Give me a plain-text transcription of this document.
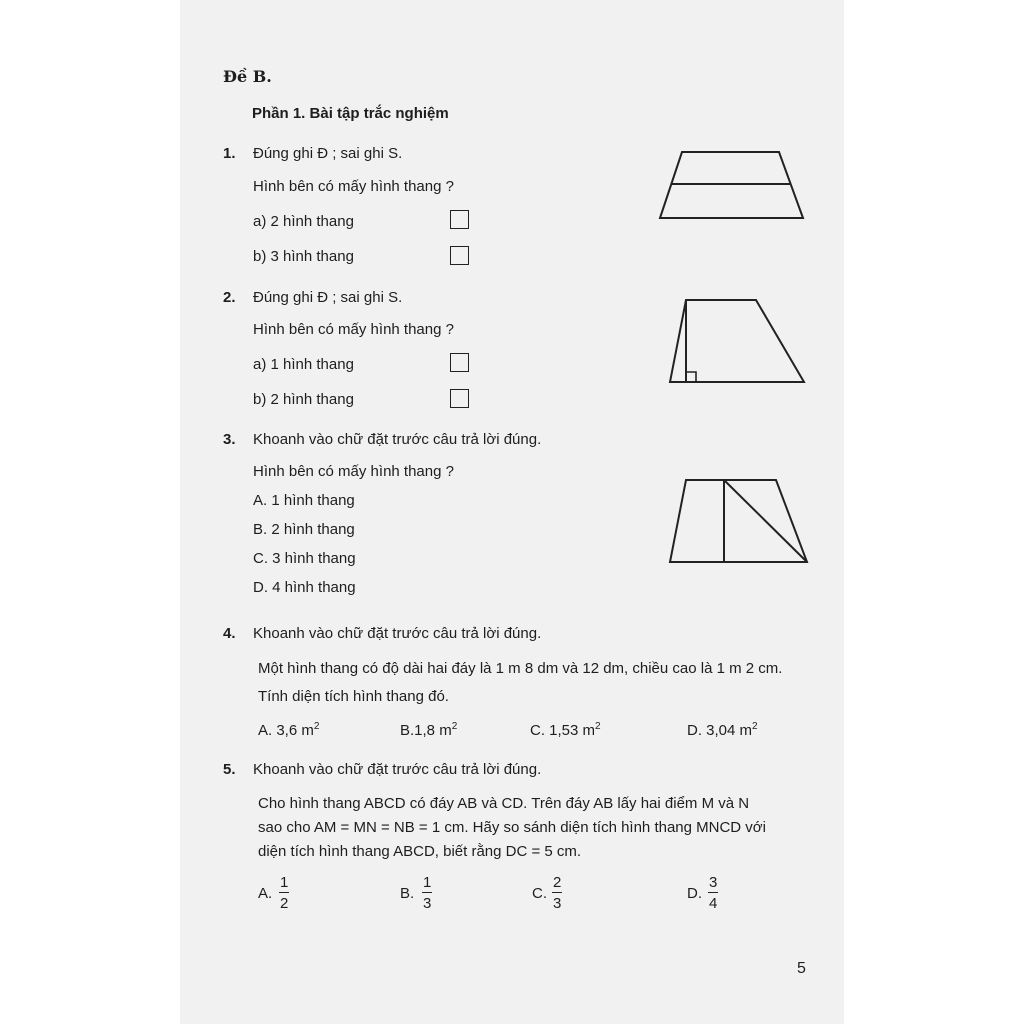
Đề B.
Phần 1. Bài tập trắc nghiệm
1. Đúng ghi Đ ; sai ghi S.
Hình bên có mấy hình thang ?
a) 2 hình thang
b) 3 hình thang
2. Đúng ghi Đ ; sai ghi S.
Hình bên có mấy hình thang ?
a) 1 hình thang
b) 2 hình thang
3. Khoanh vào chữ đặt trước câu trả lời đúng.
Hình bên có mấy hình thang ?
A. 1 hình thang
B. 2 hình thang
C. 3 hình thang
D. 4 hình thang
4. Khoanh vào chữ đặt trước câu trả lời đúng.
Một hình thang có độ dài hai đáy là 1 m 8 dm và 12 dm, chiều cao là 1 m 2 cm.
Tính diện tích hình thang đó.
A. 3,6 $m^2$	B.1,8 $m^2$	C. 1,53 $m^2$	D. 3,04 $m^2$
5. Khoanh vào chữ đặt trước câu trả lời đúng.
Cho hình thang ABCD có đáy AB và CD. Trên đáy AB lấy hai điểm M và N
sao cho AM = MN = NB = 1 cm. Hãy so sánh diện tích hình thang MNCD với
diện tích hình thang ABCD, biết rằng DC = 5 cm.
A. $\frac{1}{2}$	B. $\frac{1}{3}$	C. $\frac{2}{3}$	D. $\frac{3}{4}$
5
